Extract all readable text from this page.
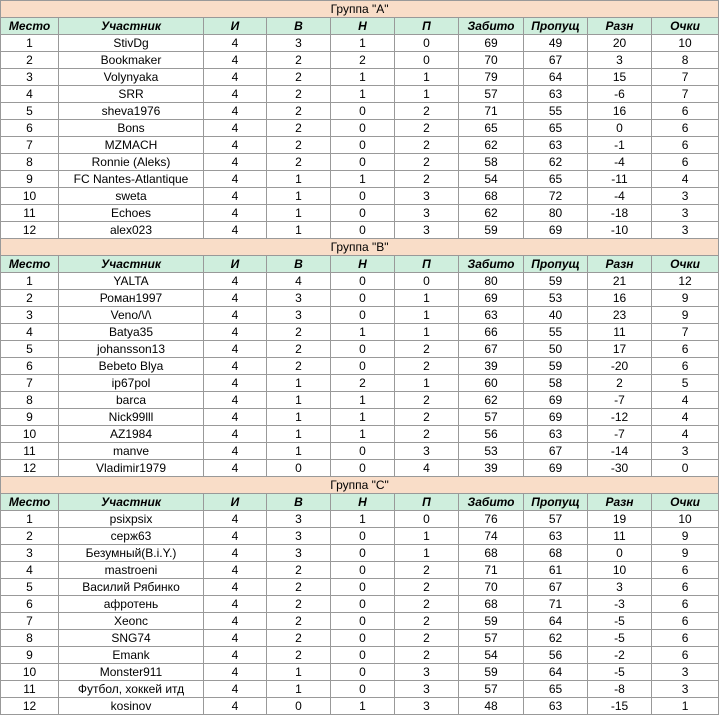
Группа "A"									
Место	Участник	И	В	Н	П	Забито	Пропущ	Разн	Очки
1	StivDg	4	3	1	0	69	49	20	10
2	Bookmaker	4	2	2	0	70	67	3	8
3	Volynyaka	4	2	1	1	79	64	15	7
4	SRR	4	2	1	1	57	63	-6	7
5	sheva1976	4	2	0	2	71	55	16	6
6	Bons	4	2	0	2	65	65	0	6
7	MZMACH	4	2	0	2	62	63	-1	6
8	Ronnie (Aleks)	4	2	0	2	58	62	-4	6
9	FC Nantes-Atlantique	4	1	1	2	54	65	-11	4
10	sweta	4	1	0	3	68	72	-4	3
11	Echoes	4	1	0	3	62	80	-18	3
12	alex023	4	1	0	3	59	69	-10	3
Группа "B"									
Место	Участник	И	В	Н	П	Забито	Пропущ	Разн	Очки
1	YALTA	4	4	0	0	80	59	21	12
2	Роман1997	4	3	0	1	69	53	16	9
3	Veno/\/\	4	3	0	1	63	40	23	9
4	Batya35	4	2	1	1	66	55	11	7
5	johansson13	4	2	0	2	67	50	17	6
6	Bebeto Blya	4	2	0	2	39	59	-20	6
7	ip67pol	4	1	2	1	60	58	2	5
8	barca	4	1	1	2	62	69	-7	4
9	Nick99lll	4	1	1	2	57	69	-12	4
10	AZ1984	4	1	1	2	56	63	-7	4
11	manve	4	1	0	3	53	67	-14	3
12	Vladimir1979	4	0	0	4	39	69	-30	0
Группа "C"									
Место	Участник	И	В	Н	П	Забито	Пропущ	Разн	Очки
1	psixpsix	4	3	1	0	76	57	19	10
2	серж63	4	3	0	1	74	63	11	9
3	Безумный(B.i.Y.)	4	3	0	1	68	68	0	9
4	mastroeni	4	2	0	2	71	61	10	6
5	Василий Рябинко	4	2	0	2	70	67	3	6
6	афротень	4	2	0	2	68	71	-3	6
7	Xeonc	4	2	0	2	59	64	-5	6
8	SNG74	4	2	0	2	57	62	-5	6
9	Emank	4	2	0	2	54	56	-2	6
10	Monster911	4	1	0	3	59	64	-5	3
11	Футбол, хоккей итд	4	1	0	3	57	65	-8	3
12	kosinov	4	0	1	3	48	63	-15	1
